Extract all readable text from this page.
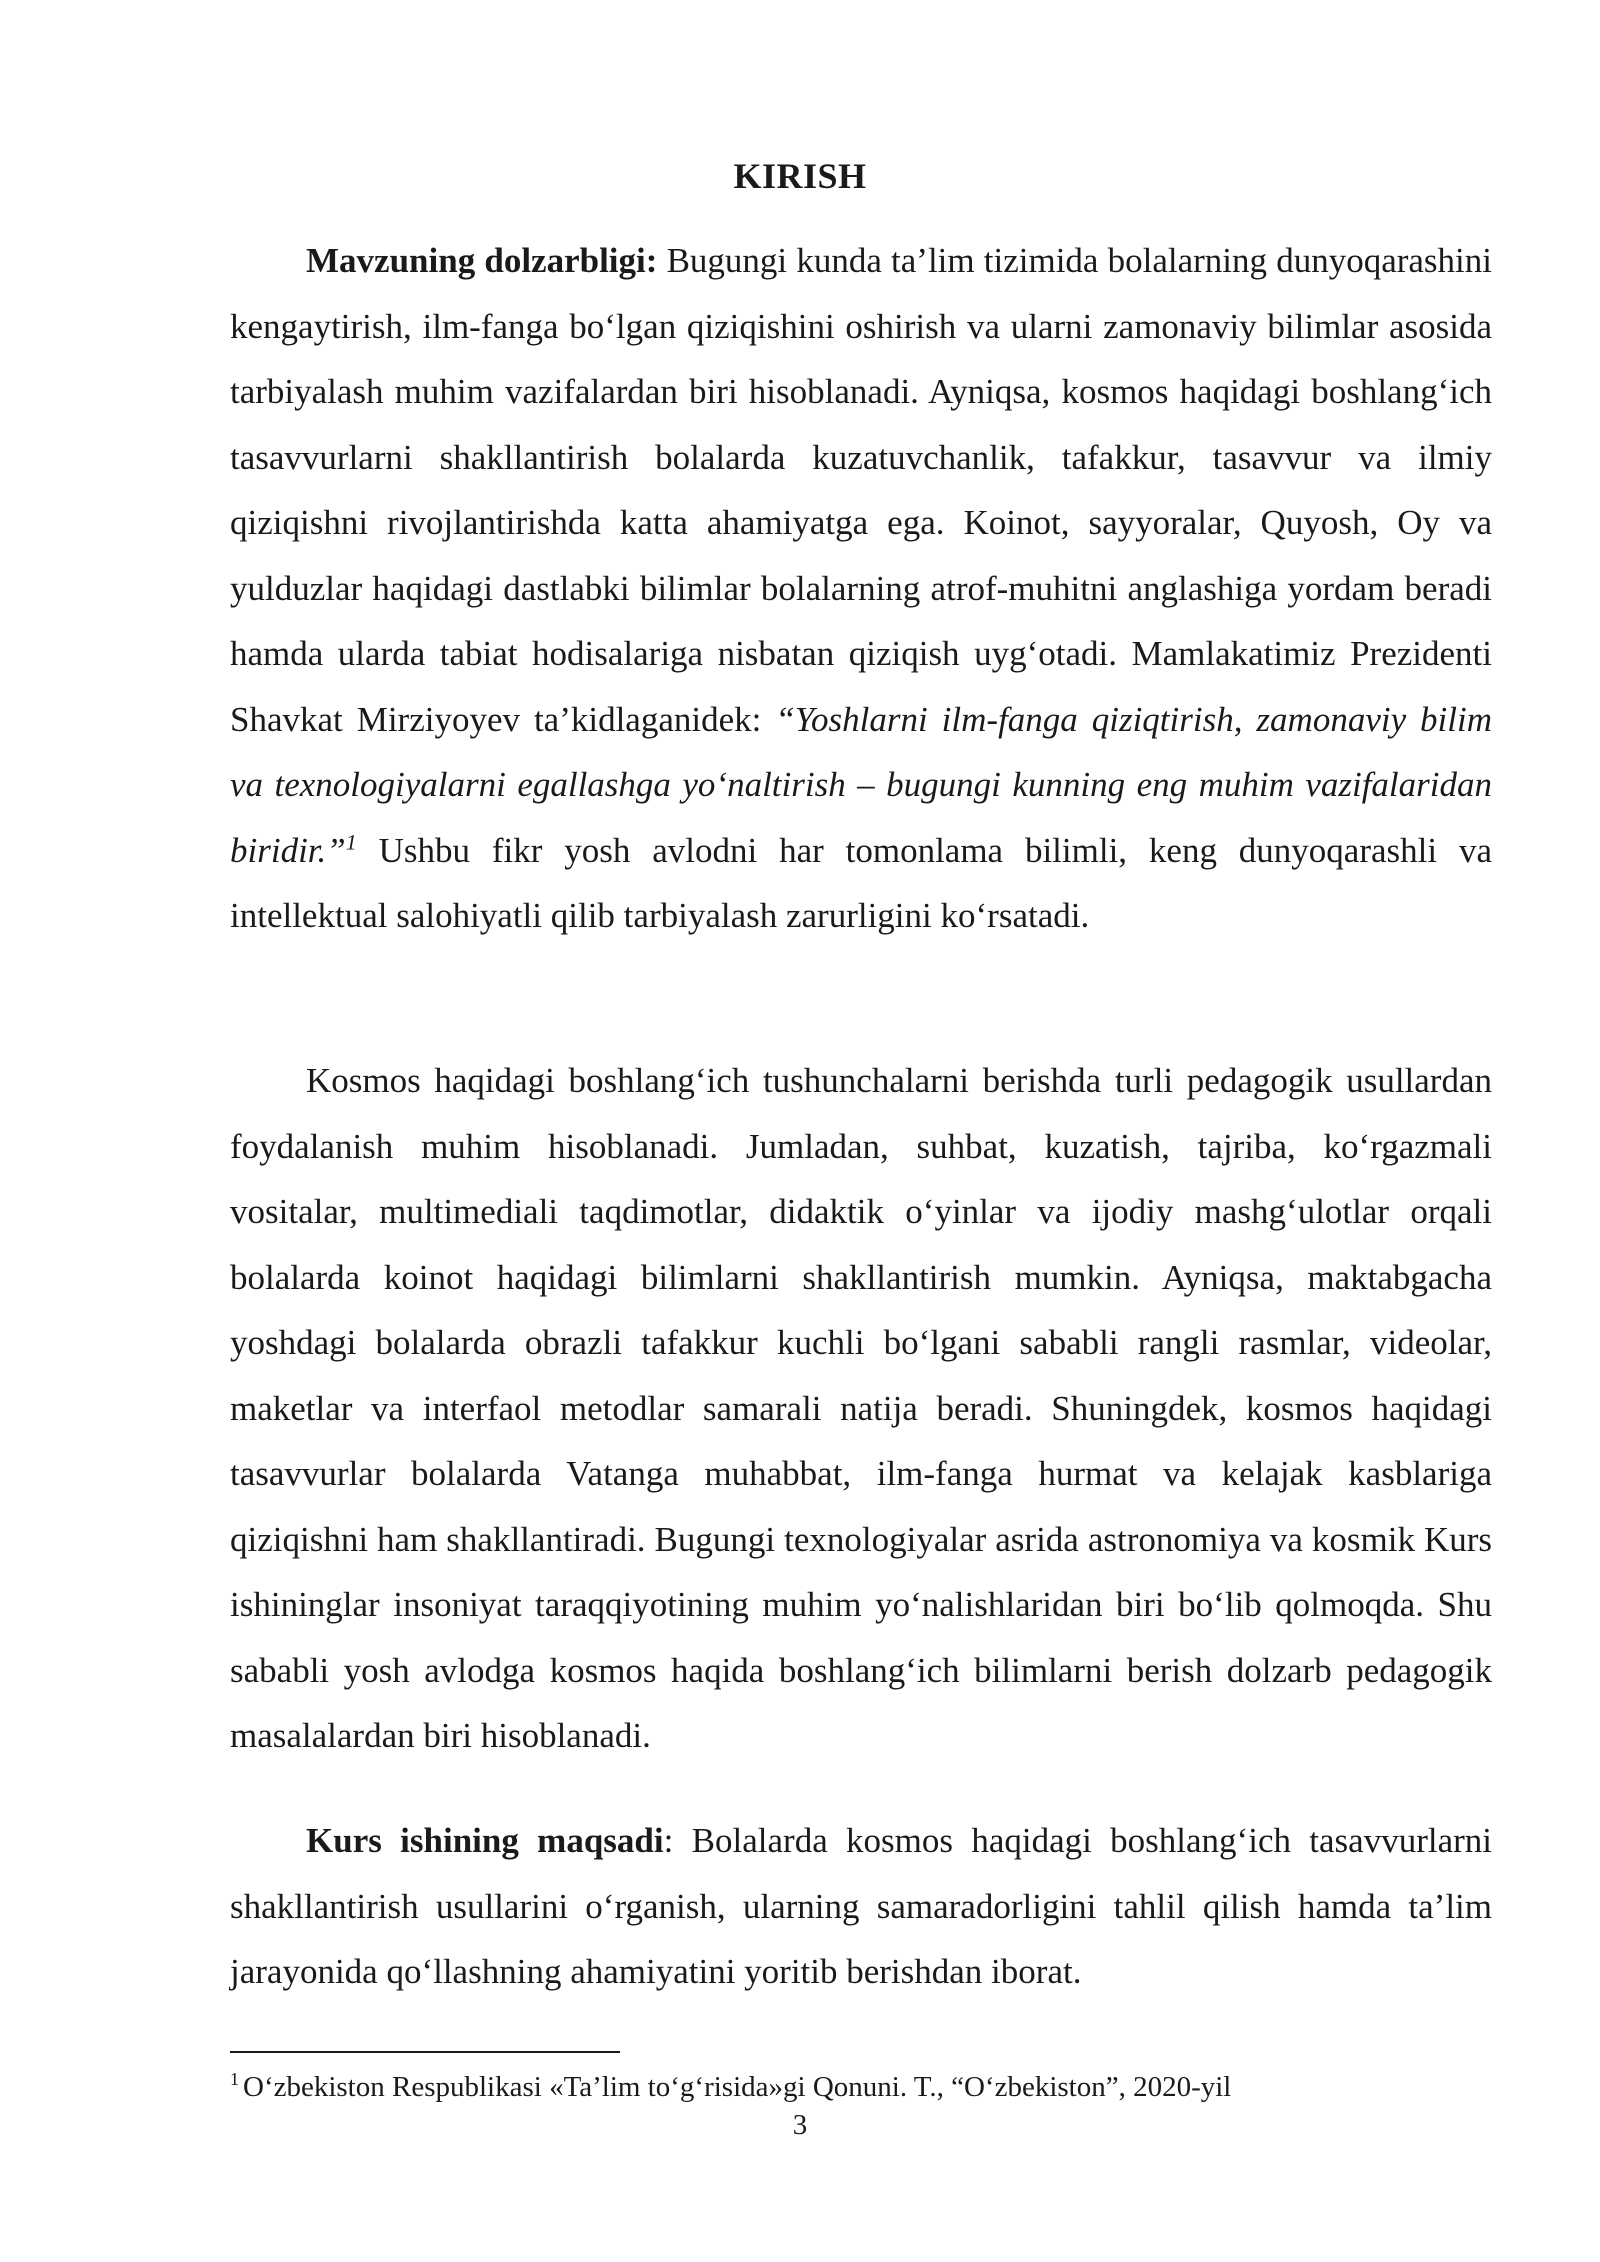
KIRISH

Mavzuning dolzarbligi: Bugungi kunda ta’lim tizimida bolalarning dunyoqarashini kengaytirish, ilm-fanga bo‘lgan qiziqishini oshirish va ularni zamonaviy bilimlar asosida tarbiyalash muhim vazifalardan biri hisoblanadi. Ayniqsa, kosmos haqidagi boshlang‘ich tasavvurlarni shakllantirish bolalarda kuzatuvchanlik, tafakkur, tasavvur va ilmiy qiziqishni rivojlantirishda katta ahamiyatga ega. Koinot, sayyoralar, Quyosh, Oy va yulduzlar haqidagi dastlabki bilimlar bolalarning atrof-muhitni anglashiga yordam beradi hamda ularda tabiat hodisalariga nisbatan qiziqish uyg‘otadi. Mamlakatimiz Prezidenti Shavkat Mirziyoyev ta’kidlaganidek: “Yoshlarni ilm-fanga qiziqtirish, zamonaviy bilim va texnologiyalarni egallashga yo‘naltirish – bugungi kunning eng muhim vazifalaridan biridir.”$^1$ Ushbu fikr yosh avlodni har tomonlama bilimli, keng dunyoqarashli va intellektual salohiyatli qilib tarbiyalash zarurligini ko‘rsatadi.

Kosmos haqidagi boshlang‘ich tushunchalarni berishda turli pedagogik usullardan foydalanish muhim hisoblanadi. Jumladan, suhbat, kuzatish, tajriba, ko‘rgazmali vositalar, multimediali taqdimotlar, didaktik o‘yinlar va ijodiy mashg‘ulotlar orqali bolalarda koinot haqidagi bilimlarni shakllantirish mumkin. Ayniqsa, maktabgacha yoshdagi bolalarda obrazli tafakkur kuchli bo‘lgani sababli rangli rasmlar, videolar, maketlar va interfaol metodlar samarali natija beradi. Shuningdek, kosmos haqidagi tasavvurlar bolalarda Vatanga muhabbat, ilm-fanga hurmat va kelajak kasblariga qiziqishni ham shakllantiradi. Bugungi texnologiyalar asrida astronomiya va kosmik Kurs ishininglar insoniyat taraqqiyotining muhim yo‘nalishlaridan biri bo‘lib qolmoqda. Shu sababli yosh avlodga kosmos haqida boshlang‘ich bilimlarni berish dolzarb pedagogik masalalardan biri hisoblanadi.

Kurs ishining maqsadi: Bolalarda kosmos haqidagi boshlang‘ich tasavvurlarni shakllantirish usullarini o‘rganish, ularning samaradorligini tahlil qilish hamda ta’lim jarayonida qo‘llashning ahamiyatini yoritib berishdan iborat.

$^1$ O‘zbekiston Respublikasi «Ta’lim to‘g‘risida»gi Qonuni. T., “O‘zbekiston”, 2020-yil
3
